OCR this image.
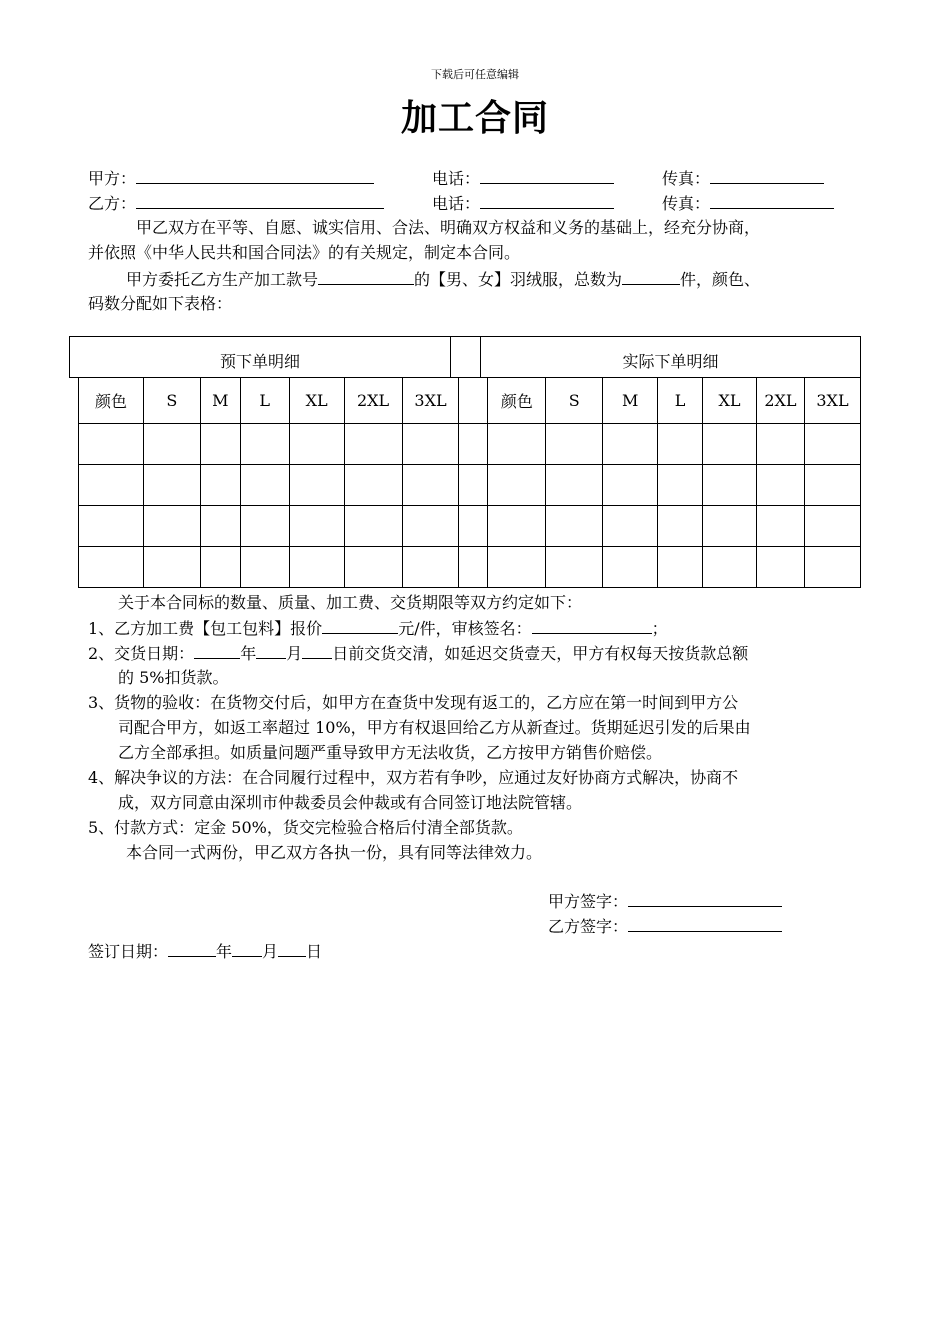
下载后可任意编辑
加工合同
甲方：	电话：	传真：
乙方：	电话：	传真：
甲乙双方在平等、自愿、诚实信用、合法、明确双方权益和义务的基础上，经充分协商，
并依照《中华人民共和国合同法》的有关规定，制定本合同。
甲方委托乙方生产加工款号	的【男、女】羽绒服，总数为	件，颜色、
码数分配如下表格：
预下单明细	实际下单明细
颜色	S	M	L	XL	2XL	3XL		颜色	S	M	L	XL	2XL	3XL

关于本合同标的数量、质量、加工费、交货期限等双方约定如下：
1、乙方加工费【包工包料】报价	元/件，审核签名：	；
2、交货日期：	年 月 日前交货交清，如延迟交货壹天，甲方有权每天按货款总额
的 5%扣货款。
3、货物的验收：在货物交付后，如甲方在查货中发现有返工的，乙方应在第一时间到甲方公
司配合甲方，如返工率超过 10%，甲方有权退回给乙方从新查过。货期延迟引发的后果由
乙方全部承担。如质量问题严重导致甲方无法收货，乙方按甲方销售价赔偿。
4、解决争议的方法：在合同履行过程中，双方若有争吵，应通过友好协商方式解决，协商不
成，双方同意由深圳市仲裁委员会仲裁或有合同签订地法院管辖。
5、付款方式：定金 50%，货交完检验合格后付清全部货款。
本合同一式两份，甲乙双方各执一份，具有同等法律效力。
甲方签字：
乙方签字：
签订日期：	年 月 日
